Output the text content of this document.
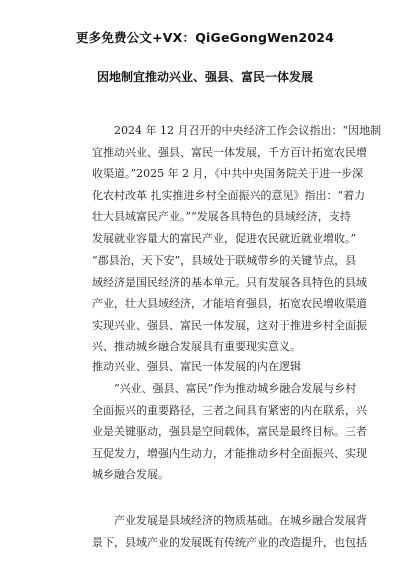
更多免费公文+VX：QiGeGongWen2024
因地制宜推动兴业、强县、富民一体发展
2024 年 12 月召开的中央经济工作会议指出：“因地制
宜推动兴业、强县、富民一体发展，千方百计拓宽农民增
收渠道。”2025 年 2 月，《中共中央国务院关于进一步深
化农村改革 扎实推进乡村全面振兴的意见》指出：“着力
壮大县域富民产业。”“发展各具特色的县域经济，支持
发展就业容量大的富民产业，促进农民就近就业增收。”
“郡县治，天下安”，县域处于联城带乡的关键节点，县
域经济是国民经济的基本单元。只有发展各具特色的县域
产业，壮大县域经济，才能培育强县，拓宽农民增收渠道
实现兴业、强县、富民一体发展，这对于推进乡村全面振
兴、推动城乡融合发展具有重要现实意义。
推动兴业、强县、富民一体发展的内在逻辑
“兴业、强县、富民”作为推动城乡融合发展与乡村
全面振兴的重要路径，三者之间具有紧密的内在联系，兴
业是关键驱动，强县是空间载体，富民是最终目标。三者
互促发力，增强内生动力，才能推动乡村全面振兴、实现
城乡融合发展。
产业发展是县域经济的物质基础。在城乡融合发展背
景下，县域产业的发展既有传统产业的改造提升，也包括
